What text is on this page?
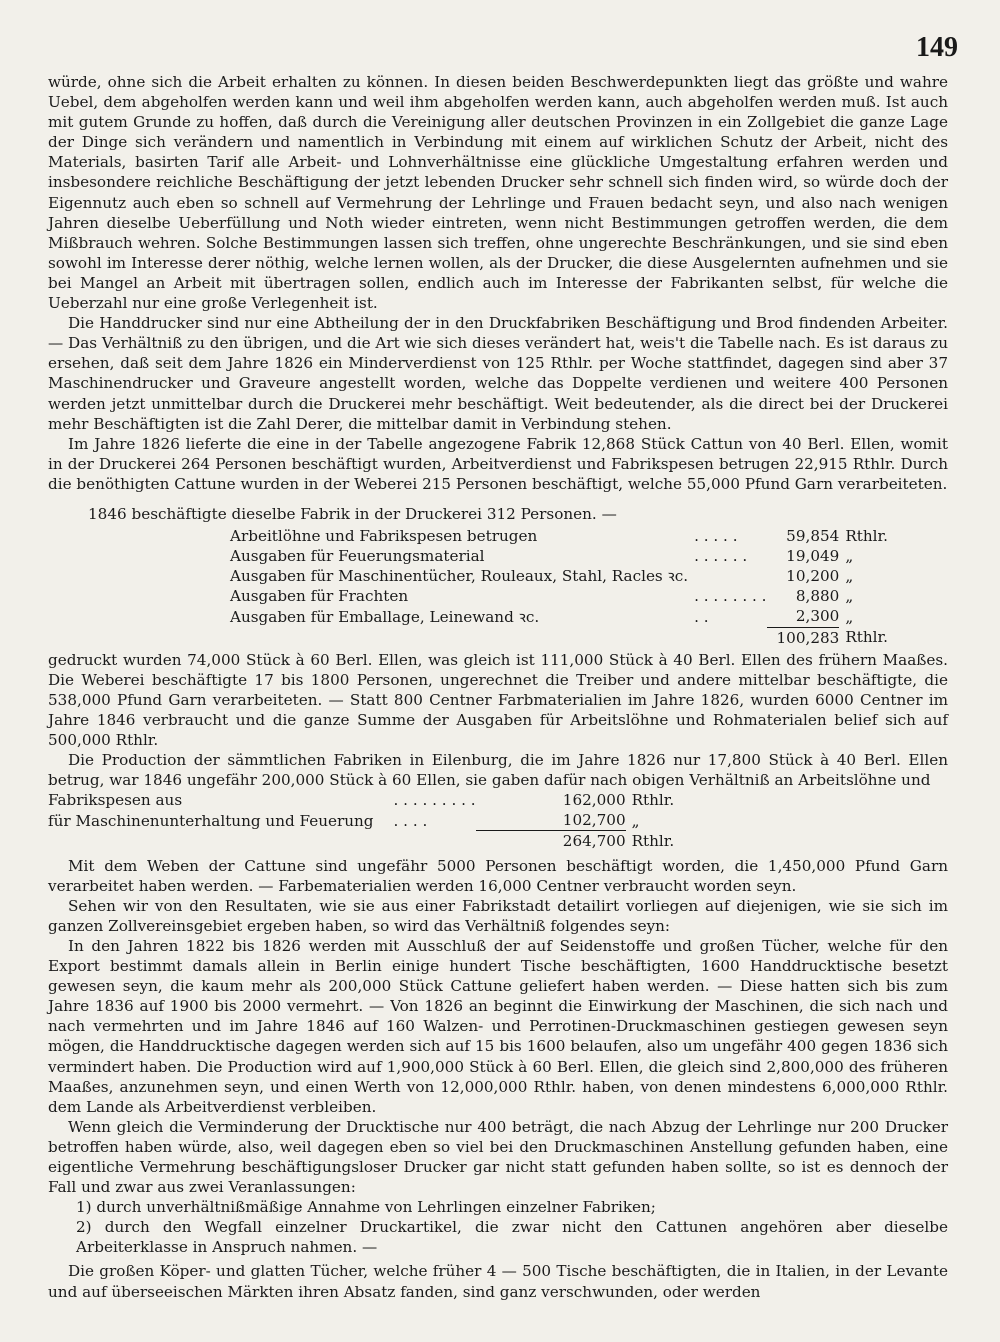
149

würde, ohne sich die Arbeit erhalten zu können. In diesen beiden Beschwerdepunkten liegt das größte und wahre Uebel, dem abgeholfen werden kann und weil ihm abgeholfen werden kann, auch abgeholfen werden muß. Ist auch mit gutem Grunde zu hoffen, daß durch die Vereinigung aller deutschen Provinzen in ein Zollgebiet die ganze Lage der Dinge sich verändern und namentlich in Verbindung mit einem auf wirklichen Schutz der Arbeit, nicht des Materials, basirten Tarif alle Arbeit- und Lohnverhältnisse eine glückliche Umgestaltung erfahren werden und insbesondere reichliche Beschäftigung der jetzt lebenden Drucker sehr schnell sich finden wird, so würde doch der Eigennutz auch eben so schnell auf Vermehrung der Lehrlinge und Frauen bedacht seyn, und also nach wenigen Jahren dieselbe Ueberfüllung und Noth wieder eintreten, wenn nicht Bestimmungen getroffen werden, die dem Mißbrauch wehren. Solche Bestimmungen lassen sich treffen, ohne ungerechte Beschränkungen, und sie sind eben sowohl im Interesse derer nöthig, welche lernen wollen, als der Drucker, die diese Ausgelernten aufnehmen und sie bei Mangel an Arbeit mit übertragen sollen, endlich auch im Interesse der Fabrikanten selbst, für welche die Ueberzahl nur eine große Verlegenheit ist.

Die Handdrucker sind nur eine Abtheilung der in den Druckfabriken Beschäftigung und Brod findenden Arbeiter. — Das Verhältniß zu den übrigen, und die Art wie sich dieses verändert hat, weis't die Tabelle nach. Es ist daraus zu ersehen, daß seit dem Jahre 1826 ein Minderverdienst von 125 Rthlr. per Woche stattfindet, dagegen sind aber 37 Maschinendrucker und Graveure angestellt worden, welche das Doppelte verdienen und weitere 400 Personen werden jetzt unmittelbar durch die Druckerei mehr beschäftigt. Weit bedeutender, als die direct bei der Druckerei mehr Beschäftigten ist die Zahl Derer, die mittelbar damit in Verbindung stehen.

Im Jahre 1826 lieferte die eine in der Tabelle angezogene Fabrik 12,868 Stück Cattun von 40 Berl. Ellen, womit in der Druckerei 264 Personen beschäftigt wurden, Arbeitverdienst und Fabrikspesen betrugen 22,915 Rthlr. Durch die benöthigten Cattune wurden in der Weberei 215 Personen beschäftigt, welche 55,000 Pfund Garn verarbeiteten.

1846 beschäftigte dieselbe Fabrik in der Druckerei 312 Personen. —

Arbeitlöhne und Fabrikspesen betrugen	. . . . .	59,854	Rthlr.
Ausgaben für Feuerungsmaterial	. . . . . .	19,049	„
Ausgaben für Maschinentücher, Rouleaux, Stahl, Racles ꝛc.		10,200	„
Ausgaben für Frachten	. . . . . . . .	8,880	„
Ausgaben für Emballage, Leinewand ꝛc.	. .	2,300	„
		100,283	Rthlr.

gedruckt wurden 74,000 Stück à 60 Berl. Ellen, was gleich ist 111,000 Stück à 40 Berl. Ellen des frühern Maaßes. Die Weberei beschäftigte 17 bis 1800 Personen, ungerechnet die Treiber und andere mittelbar beschäftigte, die 538,000 Pfund Garn verarbeiteten. — Statt 800 Centner Farbmaterialien im Jahre 1826, wurden 6000 Centner im Jahre 1846 verbraucht und die ganze Summe der Ausgaben für Arbeitslöhne und Rohmaterialen belief sich auf 500,000 Rthlr.

Die Production der sämmtlichen Fabriken in Eilenburg, die im Jahre 1826 nur 17,800 Stück à 40 Berl. Ellen betrug, war 1846 ungefähr 200,000 Stück à 60 Ellen, sie gaben dafür nach obigen Verhältniß an Arbeitslöhne und

Fabrikspesen aus	. . . . . . . . .	162,000	Rthlr.
für Maschinenunterhaltung und Feuerung	. . . .	102,700	„
		264,700	Rthlr.

Mit dem Weben der Cattune sind ungefähr 5000 Personen beschäftigt worden, die 1,450,000 Pfund Garn verarbeitet haben werden. — Farbematerialien werden 16,000 Centner verbraucht worden seyn.

Sehen wir von den Resultaten, wie sie aus einer Fabrikstadt detailirt vorliegen auf diejenigen, wie sie sich im ganzen Zollvereinsgebiet ergeben haben, so wird das Verhältniß folgendes seyn:

In den Jahren 1822 bis 1826 werden mit Ausschluß der auf Seidenstoffe und großen Tücher, welche für den Export bestimmt damals allein in Berlin einige hundert Tische beschäftigten, 1600 Handdrucktische besetzt gewesen seyn, die kaum mehr als 200,000 Stück Cattune geliefert haben werden. — Diese hatten sich bis zum Jahre 1836 auf 1900 bis 2000 vermehrt. — Von 1826 an beginnt die Einwirkung der Maschinen, die sich nach und nach vermehrten und im Jahre 1846 auf 160 Walzen- und Perrotinen-Druckmaschinen gestiegen gewesen seyn mögen, die Handdrucktische dagegen werden sich auf 15 bis 1600 belaufen, also um ungefähr 400 gegen 1836 sich vermindert haben. Die Production wird auf 1,900,000 Stück à 60 Berl. Ellen, die gleich sind 2,800,000 des früheren Maaßes, anzunehmen seyn, und einen Werth von 12,000,000 Rthlr. haben, von denen mindestens 6,000,000 Rthlr. dem Lande als Arbeitverdienst verbleiben.

Wenn gleich die Verminderung der Drucktische nur 400 beträgt, die nach Abzug der Lehrlinge nur 200 Drucker betroffen haben würde, also, weil dagegen eben so viel bei den Druckmaschinen Anstellung gefunden haben, eine eigentliche Vermehrung beschäftigungsloser Drucker gar nicht statt gefunden haben sollte, so ist es dennoch der Fall und zwar aus zwei Veranlassungen:

1) durch unverhältnißmäßige Annahme von Lehrlingen einzelner Fabriken;
2) durch den Wegfall einzelner Druckartikel, die zwar nicht den Cattunen angehören aber dieselbe Arbeiterklasse in Anspruch nahmen. —

Die großen Köper- und glatten Tücher, welche früher 4 — 500 Tische beschäftigten, die in Italien, in der Levante und auf überseeischen Märkten ihren Absatz fanden, sind ganz verschwunden, oder werden
